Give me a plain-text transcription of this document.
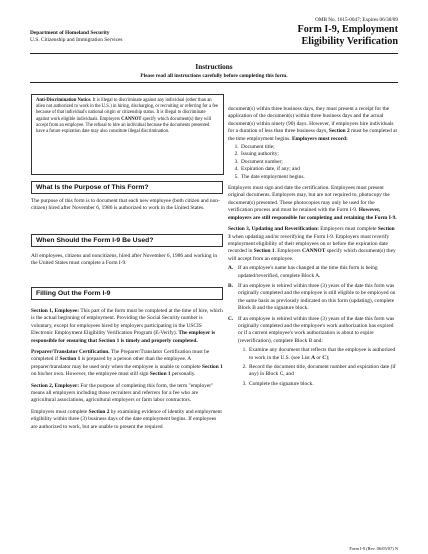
Department of Homeland Security
U.S. Citizenship and Immigration Services
OMB No. 1615-0047; Expires 06/30/09
Form I-9, Employment
Eligibility Verification
Instructions
Please read all instructions carefully before completing this form.

Anti-Discrimination Notice. It is illegal to discriminate against any individual (other than an alien not authorized to work in the U.S.) in hiring, discharging, or recruiting or referring for a fee because of that individual's national origin or citizenship status. It is illegal to discriminate against work eligible individuals. Employers CANNOT specify which document(s) they will accept from an employee. The refusal to hire an individual because the documents presented have a future expiration date may also constitute illegal discrimination.

What Is the Purpose of This Form?
The purpose of this form is to document that each new employee (both citizen and non-citizen) hired after November 6, 1986 is authorized to work in the United States.
When Should the Form I-9 Be Used?
All employees, citizens and noncitizens, hired after November 6, 1986 and working in the United States must complete a Form I-9.
Filling Out the Form I-9

Section 1, Employee: This part of the form must be completed at the time of hire, which is the actual beginning of employment. Providing the Social Security number is voluntary, except for employees hired by employers participating in the USCIS Electronic Employment Eligibility Verification Program (E-Verify). The employer is responsible for ensuring that Section 1 is timely and properly completed.

Preparer/Translator Certification. The Preparer/Translator Certification must be completed if Section 1 is prepared by a person other than the employee. A preparer/translator may be used only when the employee is unable to complete Section 1 on his/her own. However, the employee must still sign Section 1 personally.

Section 2, Employer: For the purpose of completing this form, the term "employer" means all employers including those recruiters and referrers for a fee who are agricultural associations, agricultural employers or farm labor contractors.

Employers must complete Section 2 by examining evidence of identity and employment eligibility within three (3) business days of the date employment begins. If employees are authorized to work, but are unable to present the required

document(s) within three business days, they must present a receipt for the application of the document(s) within three business days and the actual document(s) within ninety (90) days. However, if employers hire individuals for a duration of less than three business days, Section 2 must be completed at the time employment begins. Employers must record:

1. Document title;
2. Issuing authority;
3. Document number;
4. Expiration date, if any; and
5. The date employment begins.

Employers must sign and date the certification. Employees must present original documents. Employers may, but are not required to, photocopy the document(s) presented. These photocopies may only be used for the verification process and must be retained with the Form I-9. However, employers are still responsible for completing and retaining the Form I-9.

Section 3, Updating and Reverification: Employers must complete Section 3 when updating and/or reverifying the Form I-9. Employers must reverify employment eligibility of their employees on or before the expiration date recorded in Section 1. Employers CANNOT specify which document(s) they will accept from an employee.

A. If an employee's name has changed at the time this form is being updated/reverified, complete Block A.
B. If an employee is rehired within three (3) years of the date this form was originally completed and the employee is still eligible to be employed on the same basis as previously indicated on this form (updating), complete Block B and the signature block.
C. If an employee is rehired within three (3) years of the date this form was originally completed and the employee's work authorization has expired or if a current employee's work authorization is about to expire (reverification), complete Block B and:
1. Examine any document that reflects that the employee is authorized to work in the U.S. (see List A or C);
2. Record the document title, document number and expiration date (if any) in Block C, and
3. Complete the signature block.
Form I-9 (Rev. 06/05/07) N
